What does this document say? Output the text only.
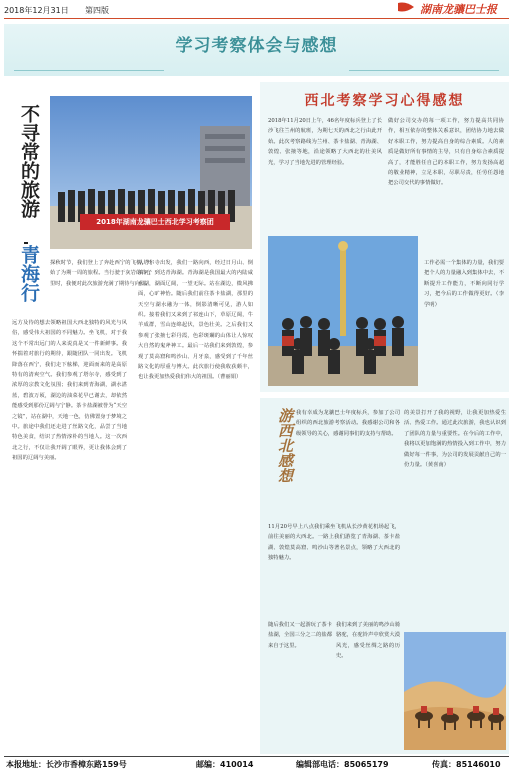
2018年12月31日 第四版	湖南龙骧巴士报
学习考察体会与感想
不寻常的旅游
青海行
2018年湖南龙骧巴士西北学习考察团
探秋时节，我们登上了奔赴西宁的飞机，开始了为期一周的旅程。当行驶于灰岩的古子里时，我便对此次旅游充满了期待与向往。
远方及待的想去领略祖国大西北独特的风光与风俗，感受伟大祖国的不同魅力。坐飞机，对于我这个不常出远门的人来说真是又一件新鲜事。我怀揣着对旅行的期待，跟随团队一同出发。飞机降落在西宁，我们走下舷梯，迎面而来的是高原特有的清爽空气。我们参观了塔尔寺，感受到了浓厚的宗教文化氛围；我们来到青海湖，湖水湛蓝，碧波万顷，湖边的油菜花早已谢去，却依然能感受到那份辽阔与宁静。茶卡盐湖被誉为“天空之镜”，站在湖中，天地一色，仿佛置身于梦境之中。旅途中我们还走进了丝路文化，品尝了当地特色美食，结识了热情淳朴的当地人。这一次西北之行，不仅让我开阔了眼界，更让我体会到了祖国的辽阔与美丽。
从塔尔寺出发，我们一路向西，经过日月山、倒淌河，到达青海湖。青海湖是我国最大的内陆咸水湖，湖面辽阔，一望无际。站在湖边，微风拂面，心旷神怡。随后我们前往茶卡盐湖，那里的天空与湖水融为一体，倒影清晰可见，游人如织。接着我们又来到了祁连山下，草原辽阔，牛羊成群，雪山连绵起伏，景色壮美。之后我们又参观了张掖七彩丹霞，色彩斑斓的山体让人惊叹大自然的鬼斧神工。最后一站我们来到敦煌，参观了莫高窟和鸣沙山、月牙泉，感受到了千年丝路文化的厚重与博大。此次旅行使我收获颇丰，也让我更加热爱我们伟大的祖国。（曹丽娟）
西北考察学习心得感想
2018年11月20日上午，46名年度标兵登上了长沙飞往兰州的航班，为期七天的西北之行由此开始。此次考察路线为兰州、茶卡盐湖、青海湖、敦煌、张掖等地，沿途领略了大西北的壮美风光，学习了当地先进的管理经验。
做好公司交办的每一项工作，努力提高共同协作，相互依存的整体关系意识，团结协力地去做好本职工作，努力提高自身的综合素质。人的素质是做好所有事情的主导，只有自身综合素质提高了，才能胜任自己的本职工作，努力发扬高超的敬业精神，立足本职，尽职尽责，任劳任怨地把公司交代的事情做好。
工作必需一个集体的力量，我们要把个人的力量融入到集体中去，不断提升工作能力，不断向同行学习，把今后的工作做得更好。（李学明）
游西北感想 我有幸成为龙骧巴士年度标兵，参加了公司组织的西北旅游考察活动。我感谢公司和各级领导的关心，感谢同事们的支持与帮助。
的美景打开了我的视野，让我更加热爱生活、热爱工作。通过此次旅游，我也认识到了团队的力量与重要性。在今后的工作中，我将以更加饱满的热情投入到工作中，努力做好每一件事，为公司的发展贡献自己的一份力量。（黄喜南）
11月20号早上八点我们乘坐飞机从长沙黄花机场起飞，前往美丽的大西北。一路上我们游览了青海湖、茶卡盐湖、敦煌莫高窟、鸣沙山等著名景点，领略了大西北的独特魅力。
随后我们又一起游玩了茶卡盐湖，全国三分之二的盐都来自于这里。
我们来到了美丽的鸣沙山骑骆驼，在驼铃声中欣赏大漠风光，感受丝绸之路的历史。
本报地址：长沙市香樟东路159号	邮编：410014	编辑部电话：85065179	传真：85146010
